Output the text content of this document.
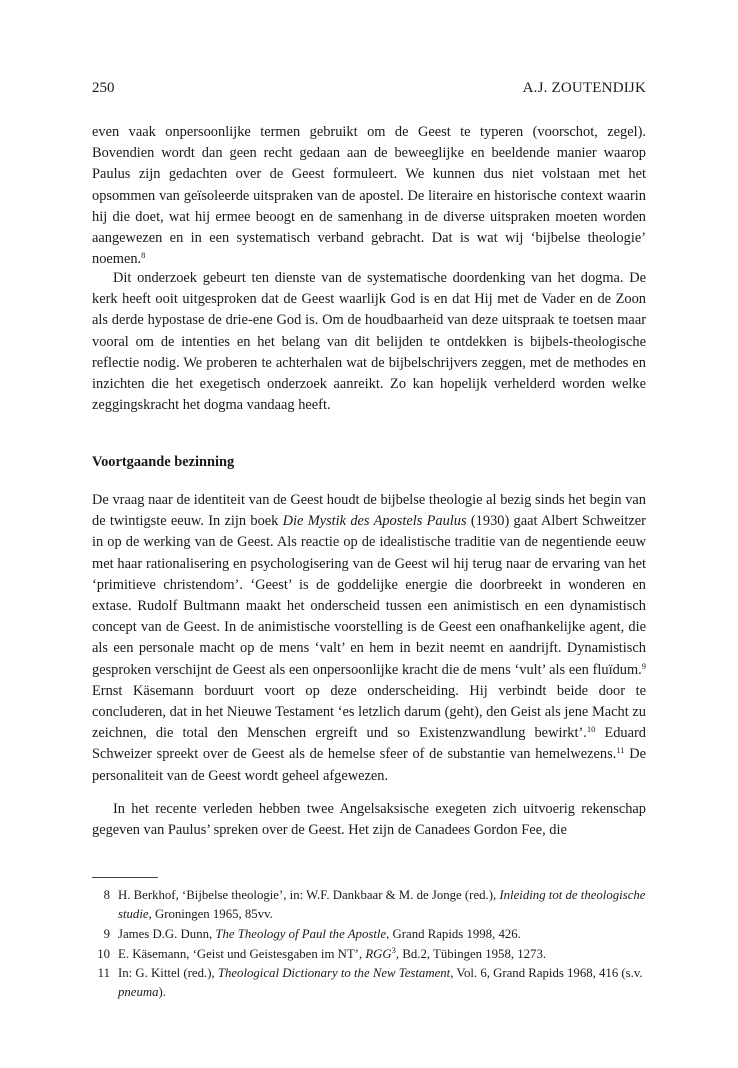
250	A.J. ZOUTENDIJK
even vaak onpersoonlijke termen gebruikt om de Geest te typeren (voorschot, zegel). Bovendien wordt dan geen recht gedaan aan de beweeglijke en beeldende manier waarop Paulus zijn gedachten over de Geest formuleert. We kunnen dus niet volstaan met het opsommen van geïsoleerde uitspraken van de apostel. De literaire en historische context waarin hij die doet, wat hij ermee beoogt en de samenhang in de diverse uitspraken moeten worden aangewezen en in een systematisch verband gebracht. Dat is wat wij ‘bijbelse theologie’ noemen.$^8$
Dit onderzoek gebeurt ten dienste van de systematische doordenking van het dogma. De kerk heeft ooit uitgesproken dat de Geest waarlijk God is en dat Hij met de Vader en de Zoon als derde hypostase de drie-ene God is. Om de houdbaarheid van deze uitspraak te toetsen maar vooral om de intenties en het belang van dit belijden te ontdekken is bijbels-theologische reflectie nodig. We proberen te achterhalen wat de bijbelschrijvers zeggen, met de methodes en inzichten die het exegetisch onderzoek aanreikt. Zo kan hopelijk verhelderd worden welke zeggingskracht het dogma vandaag heeft.
Voortgaande bezinning
De vraag naar de identiteit van de Geest houdt de bijbelse theologie al bezig sinds het begin van de twintigste eeuw. In zijn boek Die Mystik des Apostels Paulus (1930) gaat Albert Schweitzer in op de werking van de Geest. Als reactie op de idealistische traditie van de negentiende eeuw met haar rationalisering en psychologisering van de Geest wil hij terug naar de ervaring van het ‘primitieve christendom’. ‘Geest’ is de goddelijke energie die doorbreekt in wonderen en extase. Rudolf Bultmann maakt het onderscheid tussen een animistisch en een dynamistisch concept van de Geest. In de animistische voorstelling is de Geest een onafhankelijke agent, die als een personale macht op de mens ‘valt’ en hem in bezit neemt en aandrijft. Dynamistisch gesproken verschijnt de Geest als een onpersoonlijke kracht die de mens ‘vult’ als een fluïdum.$^9$ Ernst Käsemann borduurt voort op deze onderscheiding. Hij verbindt beide door te concluderen, dat in het Nieuwe Testament ‘es letzlich darum (geht), den Geist als jene Macht zu zeichnen, die total den Menschen ergreift und so Existenzwandlung bewirkt’.$^{10}$ Eduard Schweizer spreekt over de Geest als de hemelse sfeer of de substantie van hemelwezens.$^{11}$ De personaliteit van de Geest wordt geheel afgewezen.
In het recente verleden hebben twee Angelsaksische exegeten zich uitvoerig rekenschap gegeven van Paulus’ spreken over de Geest. Het zijn de Canadees Gordon Fee, die
8 H. Berkhof, ‘Bijbelse theologie’, in: W.F. Dankbaar & M. de Jonge (red.), Inleiding tot de theologische studie, Groningen 1965, 85vv.
9 James D.G. Dunn, The Theology of Paul the Apostle, Grand Rapids 1998, 426.
10 E. Käsemann, ‘Geist und Geistesgaben im NT’, RGG$^3$, Bd.2, Tübingen 1958, 1273.
11 In: G. Kittel (red.), Theological Dictionary to the New Testament, Vol. 6, Grand Rapids 1968, 416 (s.v. pneuma).
